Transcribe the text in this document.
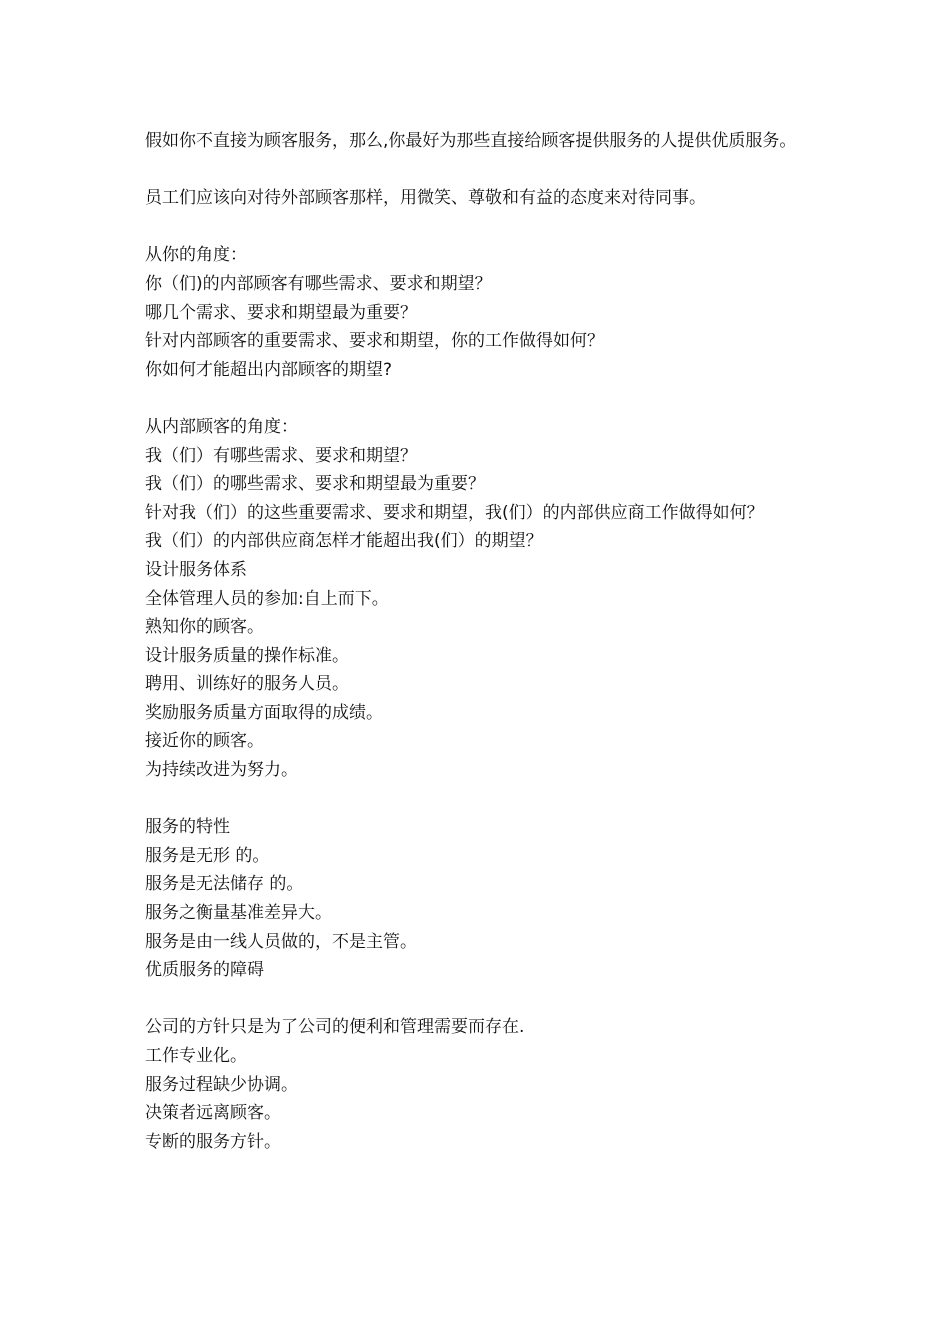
假如你不直接为顾客服务，那么,你最好为那些直接给顾客提供服务的人提供优质服务。

员工们应该向对待外部顾客那样，用微笑、尊敬和有益的态度来对待同事。

从你的角度：

你（们)的内部顾客有哪些需求、要求和期望？

哪几个需求、要求和期望最为重要？

针对内部顾客的重要需求、要求和期望，你的工作做得如何？

你如何才能超出内部顾客的期望?

从内部顾客的角度：

我（们）有哪些需求、要求和期望？

我（们）的哪些需求、要求和期望最为重要？

针对我（们）的这些重要需求、要求和期望，我(们）的内部供应商工作做得如何？

我（们）的内部供应商怎样才能超出我(们）的期望？

设计服务体系

全体管理人员的参加:自上而下。

熟知你的顾客。

设计服务质量的操作标准。

聘用、训练好的服务人员。

奖励服务质量方面取得的成绩。

接近你的顾客。

为持续改进为努力。

服务的特性

服务是无形 的。

服务是无法储存 的。

服务之衡量基准差异大。

服务是由一线人员做的，不是主管。

优质服务的障碍

公司的方针只是为了公司的便利和管理需要而存在.

工作专业化。

服务过程缺少协调。

决策者远离顾客。

专断的服务方针。
